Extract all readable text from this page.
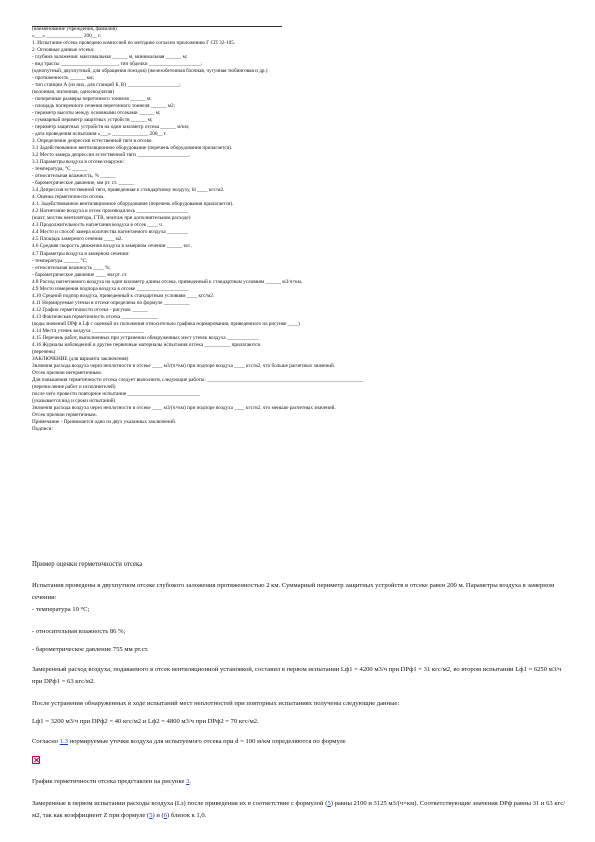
(наименование учреждения, фамилия)
«___» ______________ 200__ г.
1. Испытание отсека проведено комиссией по методике согласно приложению Г СП 32-105.
2. Основные данные отсека:
- глубина заложения: максимальная ______ м, минимальная ______ м;
- вид трассы ______________________, тип обделки ____________________;
(однопутный, двухпутный, для обращения поездов) (железобетонная блочная, чугунная тюбинговая и др.)
- протяженность ______ км;
- тип станции А (из них, для станций Б, В) ____________________;
(колонная, пилонная, односводчатая)
- поперечные размеры перегонного тоннеля ______ м;
- площадь поперечного сечения перегонного тоннеля ______ м2;
- периметр высоты между основными отсеками ______ м;
- суммарный периметр защитных устройств ______ м;
- периметр защитных устройств на один километр отсека ______ м/км;
- дата проведения испытания «___» ______________ 200__ г.
3. Определение депрессии естественной тяги в отсеке.
3.1 Задействованное вентиляционное оборудование (перечень оборудования прилагается).
3.2 Место замера депрессии естественной тяги ____________________.
3.3 Параметры воздуха в отсеке/снаружи:
- температура, °С ______
- относительная влажность, % ______
- барометрическое давление, мм рт. ст. ______
3.4 Депрессия естественной тяги, приведенная к стандартному воздуху, hl ____ кгс/м2.
4. Оценка герметичности отсека.
4.1. Задействованное вентиляционное оборудование (перечень оборудования прилагается).
4.2 Нагнетание воздуха в отсек производилось ____________________
(шахт, мостик вентилятора, ГТВ, монтаж при дополнительном расходе)
4.3 Продолжительность нагнетания воздуха в отсек ____ ч.
4.4 Место и способ замера количества нагнетаемого воздуха ________
4.5 Площадь замерного сечения ____ м2.
4.6 Средняя скорость движения воздуха в замерном сечении ______ м/с.
4.7 Параметры воздуха в замерном сечении:
- температура ______ °С;
- относительная влажность ____ %;
- барометрическое давление ____ мм рт. ст.
4.8 Расход нагнетаемого воздуха на один километр длины отсека, приведенный к стандартным условиям ______ м3/ч×км.
4.9 Место измерения подпора воздуха в отсеке ____________________
4.10 Средний подпор воздуха, приведенный к стандартным условиям ____ кгс/м2.
4.11 Нормируемые утечки в отсеке определена по формуле __________
4.12 График герметичности отсека - рисунок ______
4.13 Фактическая герметичность отсека ______________
(коды значений DPф и Lф с оценкой их положения относительно графика нормирования, приведенного на рисунке ____)
4.14 Места утечек воздуха ____________________
4.15 Перечень работ, выполненных при устранении обнаруженных мест утечек воздуха ____________
4.16 Журналы наблюдений и другие первичные материалы испытания отсека __________ прилагаются.
(перечень)
ЗАКЛЮЧЕНИЕ (для варианта заключения)
Значения расхода воздуха через неплотности в отсеке ____ м3/(ч×км) при подпоре воздуха ____ кгс/м2, что больше расчетных значений.
Отсек признан негерметичным.
Для повышения герметичности отсека следует выполнить следующие работы: ____________________________________________________________
(перечисление работ и исполнителей)
после чего провести повторное испытание ____________________________
(указывается вид и сроки испытаний)
Значения расхода воздуха через неплотности в отсеке ____ м3/(ч×км) при подпоре воздуха ____ кгс/м2, что меньше расчетных значений.
Отсек признан герметичным.
Примечание - Принимается одно из двух указанных заключений.
Подписи:
Пример оценки герметичности отсека

Испытания проведены в двухпутном отсеке глубокого заложения протяженностью 2 км. Суммарный периметр защитных устройств в отсеке равен 200 м. Параметры воздуха в замерном сечении:

- температура 10 °С;
- относительная влажность 86 %;
- барометрическое давление 755 мм рт.ст.
Замеренный расход воздуха, подаваемого в отсек вентиляционной установкой, составил в первом испытании Lф1 = 4200 м3/ч при DPф1 = 31 кгс/м2, во втором испытании Lф1 = 6250 м3/ч при DPф1 = 63 кгс/м2.
После устранения обнаруженных в ходе испытаний мест неплотностей при повторных испытаниях получены следующие данные:
Lф1 = 3200 м3/ч при DPф2 = 40 кгс/м2 и Lф2 = 4800 м3/ч при DPф2 = 70 кгс/м2.
Согласно 1.3 нормируемые утечки воздуха для испытуемого отсека при d = 100 м/км определяются по формуле
График герметичности отсека представлен на рисунке 3.
Замеренные в первом испытании расходы воздуха (Lз) после приведения их в соответствие с формулой (5) равны 2100 и 3125 м3/(ч×км). Соответствующие значения DPф равны 31 и 63 кгс/м2, так как коэффициент Z при формуле (5) и (6) близок к 1,0.
